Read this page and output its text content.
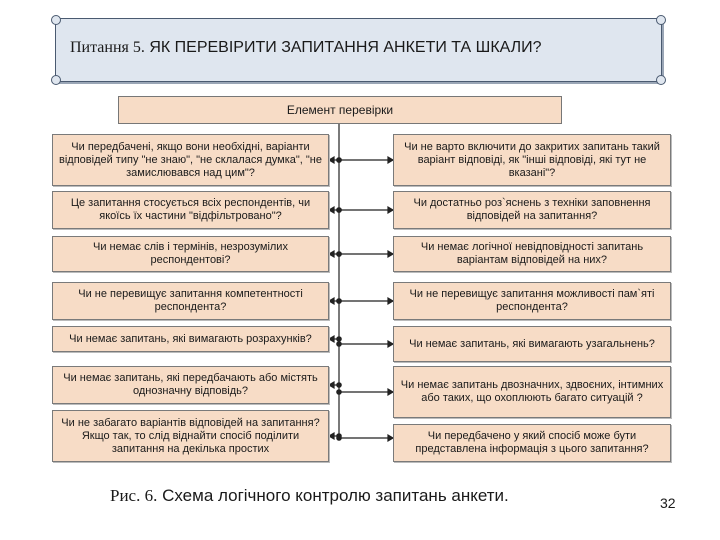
Питання 5. ЯК ПЕРЕВІРИТИ ЗАПИТАННЯ АНКЕТИ ТА ШКАЛИ?
Елемент перевірки
Чи передбачені, якщо вони необхідні, варіанти відповідей типу "не знаю", "не склалася думка", "не замислювався над цим"?
Це запитання стосується всіх респондентів, чи якоїсь їх частини "відфільтровано"?
Чи немає слів і термінів, незрозумілих респондентові?
Чи не перевищує запитання компетентності респондента?
Чи немає запитань, які вимагають розрахунків?
Чи немає запитань, які передбачають або містять однозначну відповідь?
Чи не забагато варіантів відповідей на запитання? Якщо так, то слід віднайти спосіб поділити запитання на декілька простих
Чи не варто включити до закритих запитань такий варіант відповіді, як "інші відповіді, які тут не вказані"?
Чи достатньо роз`яснень з техніки заповнення відповідей на запитання?
Чи немає логічної невідповідності запитань варіантам відповідей на них?
Чи не перевищує запитання можливості пам`яті респондента?
Чи немає запитань, які вимагають узагальнень?
Чи немає запитань двозначних, здвоєних, інтимних або таких, що охоплюють багато ситуацій ?
Чи передбачено у який спосіб може бути представлена інформація з цього запитання?
Рис. 6. Схема логічного контролю запитань анкети.	32
